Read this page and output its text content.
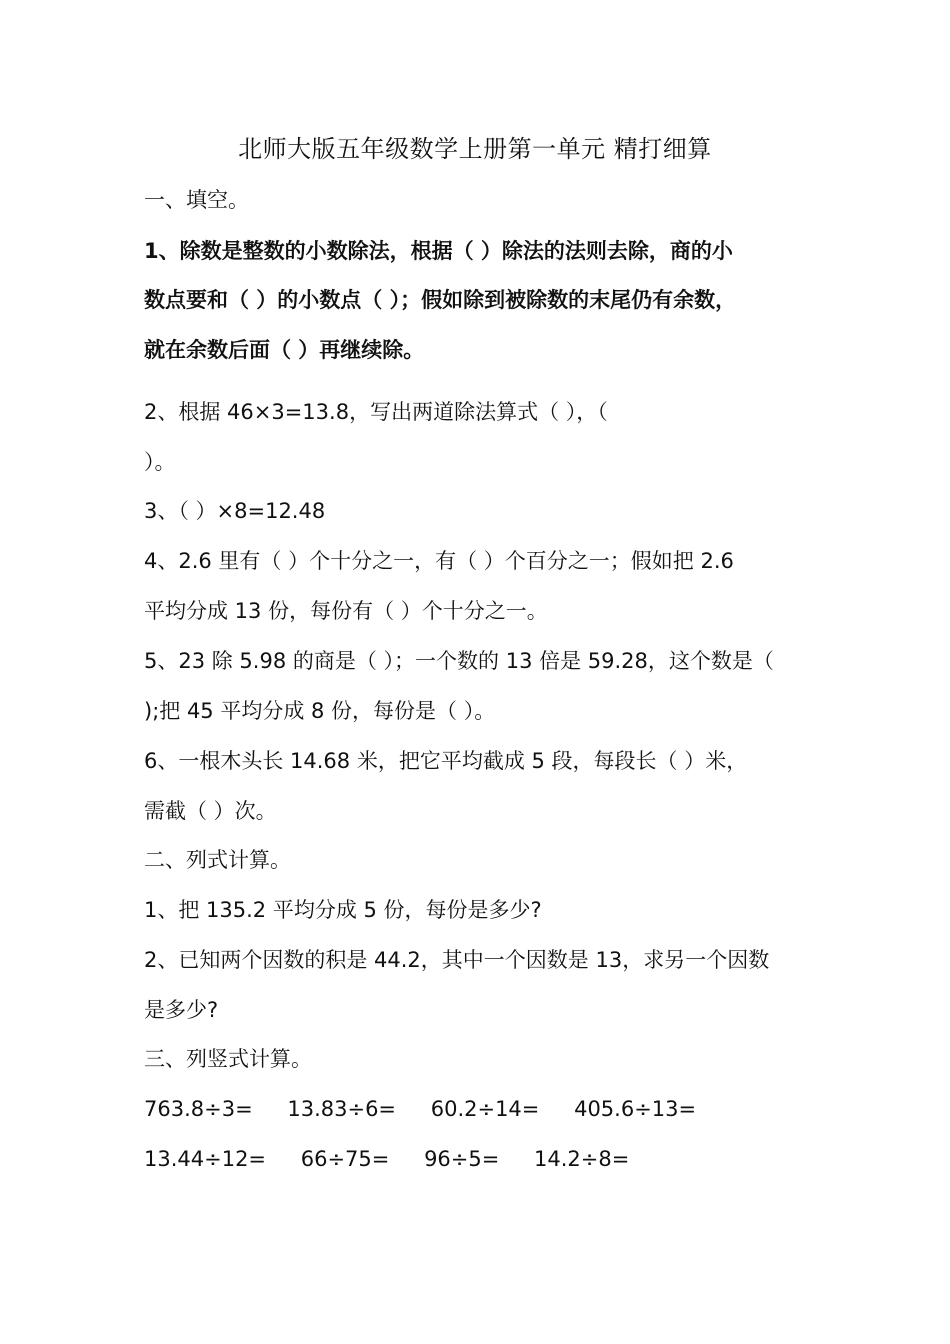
北师大版五年级数学上册第一单元 精打细算
一、填空。
1、除数是整数的小数除法，根据（ ）除法的法则去除，商的小
数点要和（ ）的小数点（ ）；假如除到被除数的末尾仍有余数，
就在余数后面（ ）再继续除。
2、根据 46×3=13.8，写出两道除法算式（ ），（
）。
3、（ ）×8=12.48
4、2.6 里有（ ）个十分之一，有（ ）个百分之一；假如把 2.6
平均分成 13 份，每份有（ ）个十分之一。
5、23 除 5.98 的商是（ ）；一个数的 13 倍是 59.28，这个数是（
);把 45 平均分成 8 份，每份是（ ）。
6、一根木头长 14.68 米，把它平均截成 5 段，每段长（ ）米，
需截（ ）次。
二、列式计算。
1、把 135.2 平均分成 5 份，每份是多少?
2、已知两个因数的积是 44.2，其中一个因数是 13，求另一个因数
是多少?
三、列竖式计算。
763.8÷3= 13.83÷6= 60.2÷14= 405.6÷13=
13.44÷12= 66÷75= 96÷5= 14.2÷8=
